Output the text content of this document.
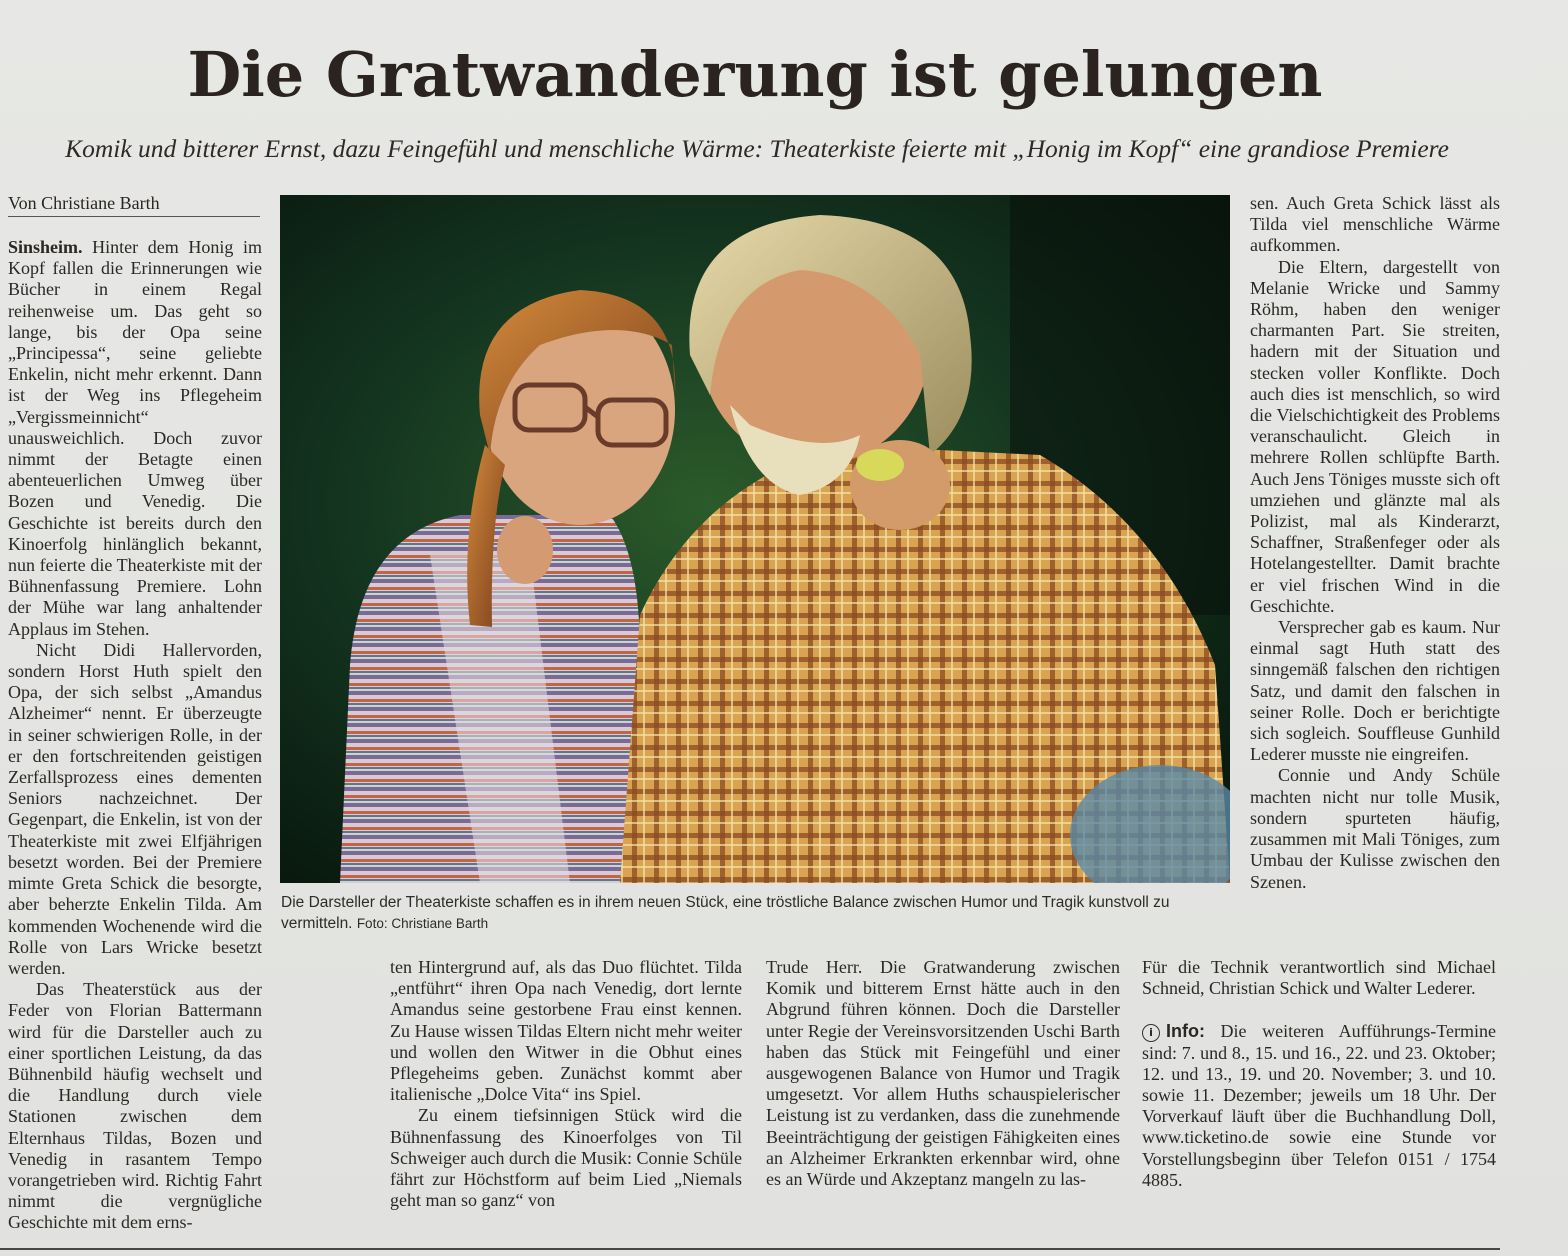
Die Gratwanderung ist gelungen
Komik und bitterer Ernst, dazu Feingefühl und menschliche Wärme: Theaterkiste feierte mit „Honig im Kopf“ eine grandiose Premiere
Von Christiane Barth

Sinsheim. Hinter dem Honig im Kopf fallen die Erinnerungen wie Bücher in einem Regal reihenweise um. Das geht so lange, bis der Opa seine „Principessa“, seine geliebte Enkelin, nicht mehr erkennt. Dann ist der Weg ins Pflegeheim „Vergissmeinnicht“ unausweichlich. Doch zuvor nimmt der Betagte einen abenteuerlichen Umweg über Bozen und Venedig. Die Geschichte ist bereits durch den Kinoerfolg hinlänglich bekannt, nun feierte die Theaterkiste mit der Bühnenfassung Premiere. Lohn der Mühe war lang anhaltender Applaus im Stehen.

Nicht Didi Hallervorden, sondern Horst Huth spielt den Opa, der sich selbst „Amandus Alzheimer“ nennt. Er überzeugte in seiner schwierigen Rolle, in der er den fortschreitenden geistigen Zerfallsprozess eines dementen Seniors nachzeichnet. Der Gegenpart, die Enkelin, ist von der Theaterkiste mit zwei Elfjährigen besetzt worden. Bei der Premiere mimte Greta Schick die besorgte, aber beherzte Enkelin Tilda. Am kommenden Wochenende wird die Rolle von Lars Wricke besetzt werden.

Das Theaterstück aus der Feder von Florian Battermann wird für die Darsteller auch zu einer sportlichen Leistung, da das Bühnenbild häufig wechselt und die Handlung durch viele Stationen zwischen dem Elternhaus Tildas, Bozen und Venedig in rasantem Tempo vorangetrieben wird. Richtig Fahrt nimmt die vergnügliche Geschichte mit dem erns-

Die Darsteller der Theaterkiste schaffen es in ihrem neuen Stück, eine tröstliche Balance zwischen Humor und Tragik kunstvoll zu vermitteln. Foto: Christiane Barth

ten Hintergrund auf, als das Duo flüchtet. Tilda „entführt“ ihren Opa nach Venedig, dort lernte Amandus seine gestorbene Frau einst kennen. Zu Hause wissen Tildas Eltern nicht mehr weiter und wollen den Witwer in die Obhut eines Pflegeheims geben. Zunächst kommt aber italienische „Dolce Vita“ ins Spiel.

Zu einem tiefsinnigen Stück wird die Bühnenfassung des Kinoerfolges von Til Schweiger auch durch die Musik: Connie Schüle fährt zur Höchstform auf beim Lied „Niemals geht man so ganz“ von

Trude Herr. Die Gratwanderung zwischen Komik und bitterem Ernst hätte auch in den Abgrund führen können. Doch die Darsteller unter Regie der Vereinsvorsitzenden Uschi Barth haben das Stück mit Feingefühl und einer ausgewogenen Balance von Humor und Tragik umgesetzt. Vor allem Huths schauspielerischer Leistung ist zu verdanken, dass die zunehmende Beeinträchtigung der geistigen Fähigkeiten eines an Alzheimer Erkrankten erkennbar wird, ohne es an Würde und Akzeptanz mangeln zu las-

sen. Auch Greta Schick lässt als Tilda viel menschliche Wärme aufkommen.

Die Eltern, dargestellt von Melanie Wricke und Sammy Röhm, haben den weniger charmanten Part. Sie streiten, hadern mit der Situation und stecken voller Konflikte. Doch auch dies ist menschlich, so wird die Vielschichtigkeit des Problems veranschaulicht. Gleich in mehrere Rollen schlüpfte Barth. Auch Jens Töniges musste sich oft umziehen und glänzte mal als Polizist, mal als Kinderarzt, Schaffner, Straßenfeger oder als Hotelangestellter. Damit brachte er viel frischen Wind in die Geschichte.

Versprecher gab es kaum. Nur einmal sagt Huth statt des sinngemäß falschen den richtigen Satz, und damit den falschen in seiner Rolle. Doch er berichtigte sich sogleich. Souffleuse Gunhild Lederer musste nie eingreifen.

Connie und Andy Schüle machten nicht nur tolle Musik, sondern spurteten häufig, zusammen mit Mali Töniges, zum Umbau der Kulisse zwischen den Szenen.

Für die Technik verantwortlich sind Michael Schneid, Christian Schick und Walter Lederer.

i Info: Die weiteren Aufführungs-Termine sind: 7. und 8., 15. und 16., 22. und 23. Oktober; 12. und 13., 19. und 20. November; 3. und 10. sowie 11. Dezember; jeweils um 18 Uhr. Der Vorverkauf läuft über die Buchhandlung Doll, www.ticketino.de sowie eine Stunde vor Vorstellungsbeginn über Telefon 0151 / 1754 4885.
